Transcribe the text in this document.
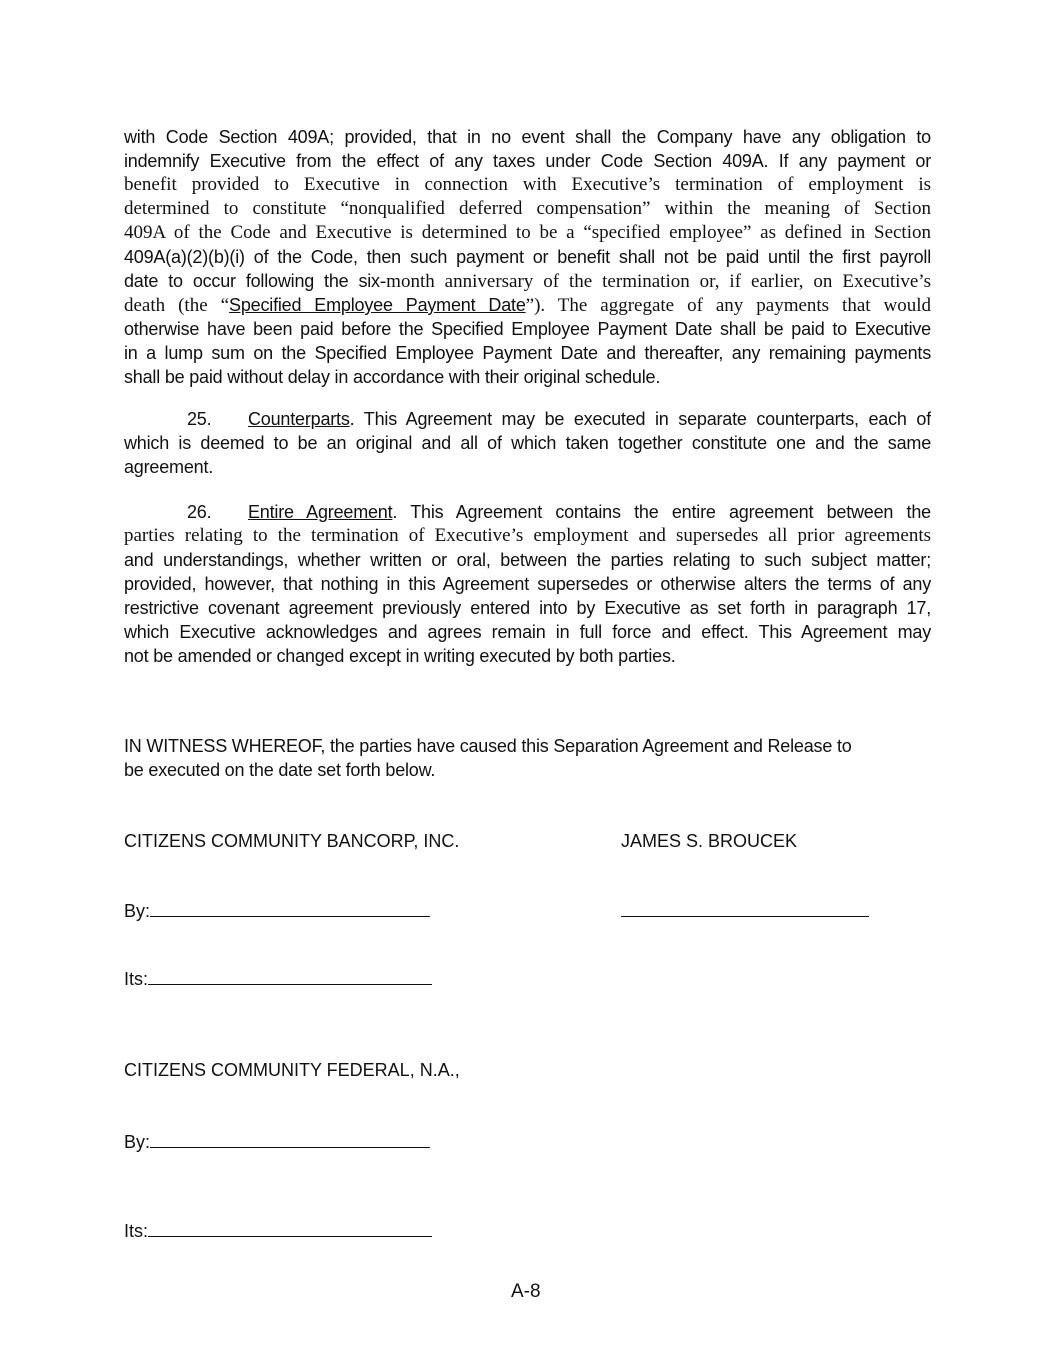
with Code Section 409A; provided, that in no event shall the Company have any obligation to
indemnify Executive from the effect of any taxes under Code Section 409A. If any payment or
benefit provided to Executive in connection with Executive’s termination of employment is
determined to constitute “nonqualified deferred compensation” within the meaning of Section
409A of the Code and Executive is determined to be a “specified employee” as defined in Section
409A(a)(2)(b)(i) of the Code, then such payment or benefit shall not be paid until the first payroll
date to occur following the six-month anniversary of the termination or, if earlier, on Executive’s
death (the “Specified Employee Payment Date”). The aggregate of any payments that would
otherwise have been paid before the Specified Employee Payment Date shall be paid to Executive
in a lump sum on the Specified Employee Payment Date and thereafter, any remaining payments
shall be paid without delay in accordance with their original schedule.
25. Counterparts. This Agreement may be executed in separate counterparts, each of
which is deemed to be an original and all of which taken together constitute one and the same
agreement.
26. Entire Agreement. This Agreement contains the entire agreement between the
parties relating to the termination of Executive’s employment and supersedes all prior agreements
and understandings, whether written or oral, between the parties relating to such subject matter;
provided, however, that nothing in this Agreement supersedes or otherwise alters the terms of any
restrictive covenant agreement previously entered into by Executive as set forth in paragraph 17,
which Executive acknowledges and agrees remain in full force and effect. This Agreement may
not be amended or changed except in writing executed by both parties.
IN WITNESS WHEREOF, the parties have caused this Separation Agreement and Release to
be executed on the date set forth below.
CITIZENS COMMUNITY BANCORP, INC.	JAMES S. BROUCEK
By:
Its:
CITIZENS COMMUNITY FEDERAL, N.A.,
By:
Its:
A-8
